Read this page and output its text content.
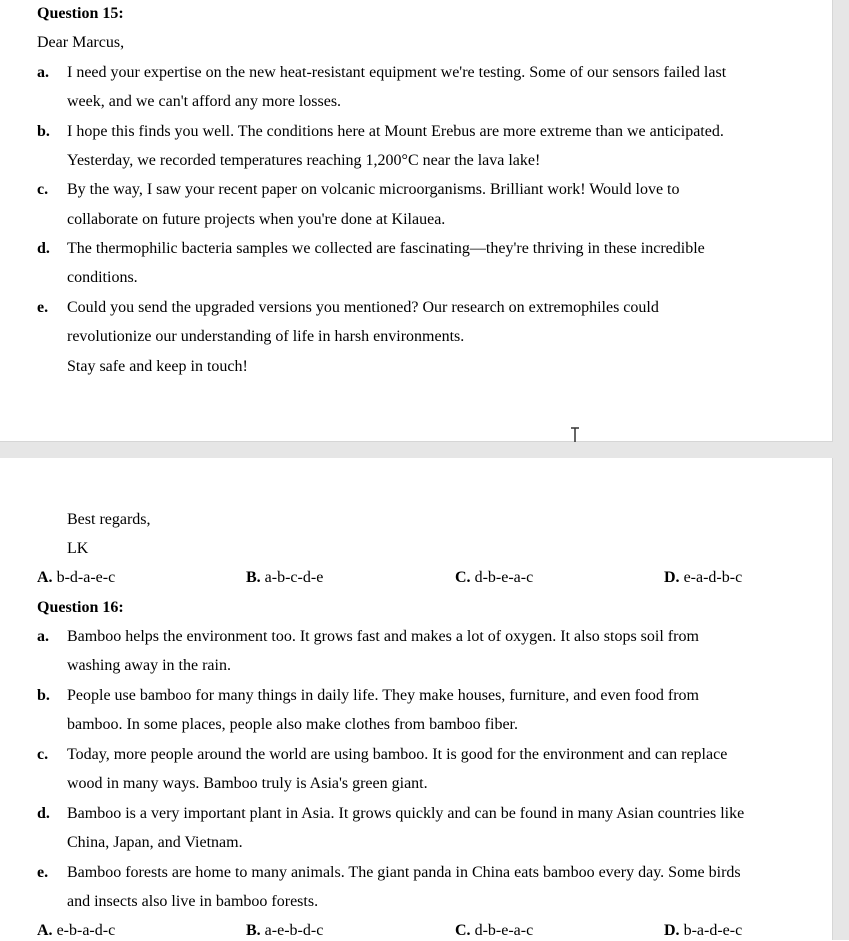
Question 15:
Dear Marcus,
a. I need your expertise on the new heat-resistant equipment we're testing. Some of our sensors failed last
week, and we can't afford any more losses.
b. I hope this finds you well. The conditions here at Mount Erebus are more extreme than we anticipated.
Yesterday, we recorded temperatures reaching 1,200°C near the lava lake!
c. By the way, I saw your recent paper on volcanic microorganisms. Brilliant work! Would love to
collaborate on future projects when you're done at Kilauea.
d. The thermophilic bacteria samples we collected are fascinating—they're thriving in these incredible
conditions.
e. Could you send the upgraded versions you mentioned? Our research on extremophiles could
revolutionize our understanding of life in harsh environments.
Stay safe and keep in touch!
Best regards,
LK
A. b-d-a-e-c	B. a-b-c-d-e	C. d-b-e-a-c	D. e-a-d-b-c
Question 16:
a. Bamboo helps the environment too. It grows fast and makes a lot of oxygen. It also stops soil from
washing away in the rain.
b. People use bamboo for many things in daily life. They make houses, furniture, and even food from
bamboo. In some places, people also make clothes from bamboo fiber.
c. Today, more people around the world are using bamboo. It is good for the environment and can replace
wood in many ways. Bamboo truly is Asia's green giant.
d. Bamboo is a very important plant in Asia. It grows quickly and can be found in many Asian countries like
China, Japan, and Vietnam.
e. Bamboo forests are home to many animals. The giant panda in China eats bamboo every day. Some birds
and insects also live in bamboo forests.
A. e-b-a-d-c	B. a-e-b-d-c	C. d-b-e-a-c	D. b-a-d-e-c
